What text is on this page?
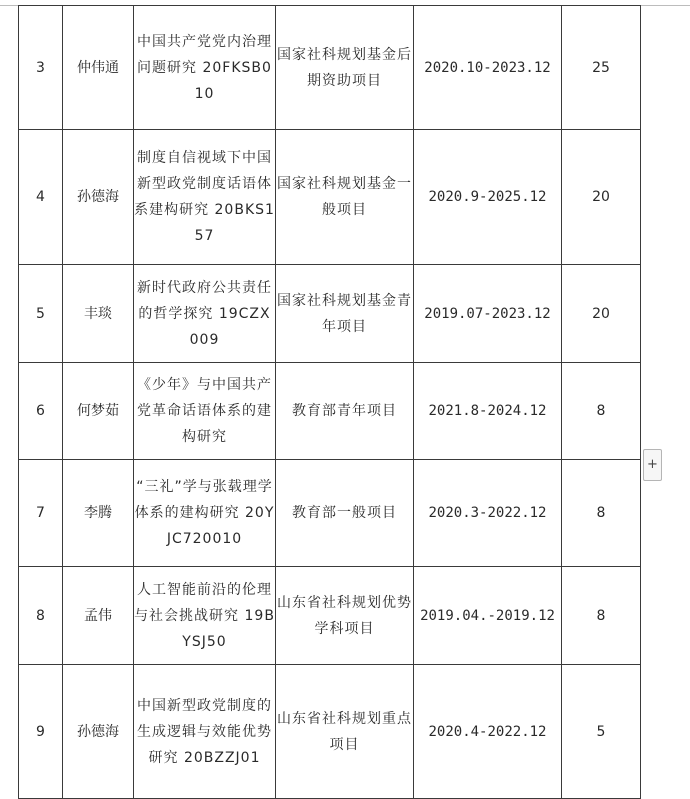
3	仲伟通	中国共产党党内治理问题研究 20FKSB010	国家社科规划基金后期资助项目	2020.10-2023.12	25
4	孙德海	制度自信视域下中国新型政党制度话语体系建构研究 20BKS157	国家社科规划基金一般项目	2020.9-2025.12	20
5	丰琰	新时代政府公共责任的哲学探究 19CZX009	国家社科规划基金青年项目	2019.07-2023.12	20
6	何梦茹	《少年》与中国共产党革命话语体系的建构研究	教育部青年项目	2021.8-2024.12	8
7	李腾	“三礼”学与张载理学体系的建构研究 20YJC720010	教育部一般项目	2020.3-2022.12	8
8	孟伟	人工智能前沿的伦理与社会挑战研究 19BYSJ50	山东省社科规划优势学科项目	2019.04.-2019.12	8
9	孙德海	中国新型政党制度的生成逻辑与效能优势研究 20BZZJ01	山东省社科规划重点项目	2020.4-2022.12	5
+
